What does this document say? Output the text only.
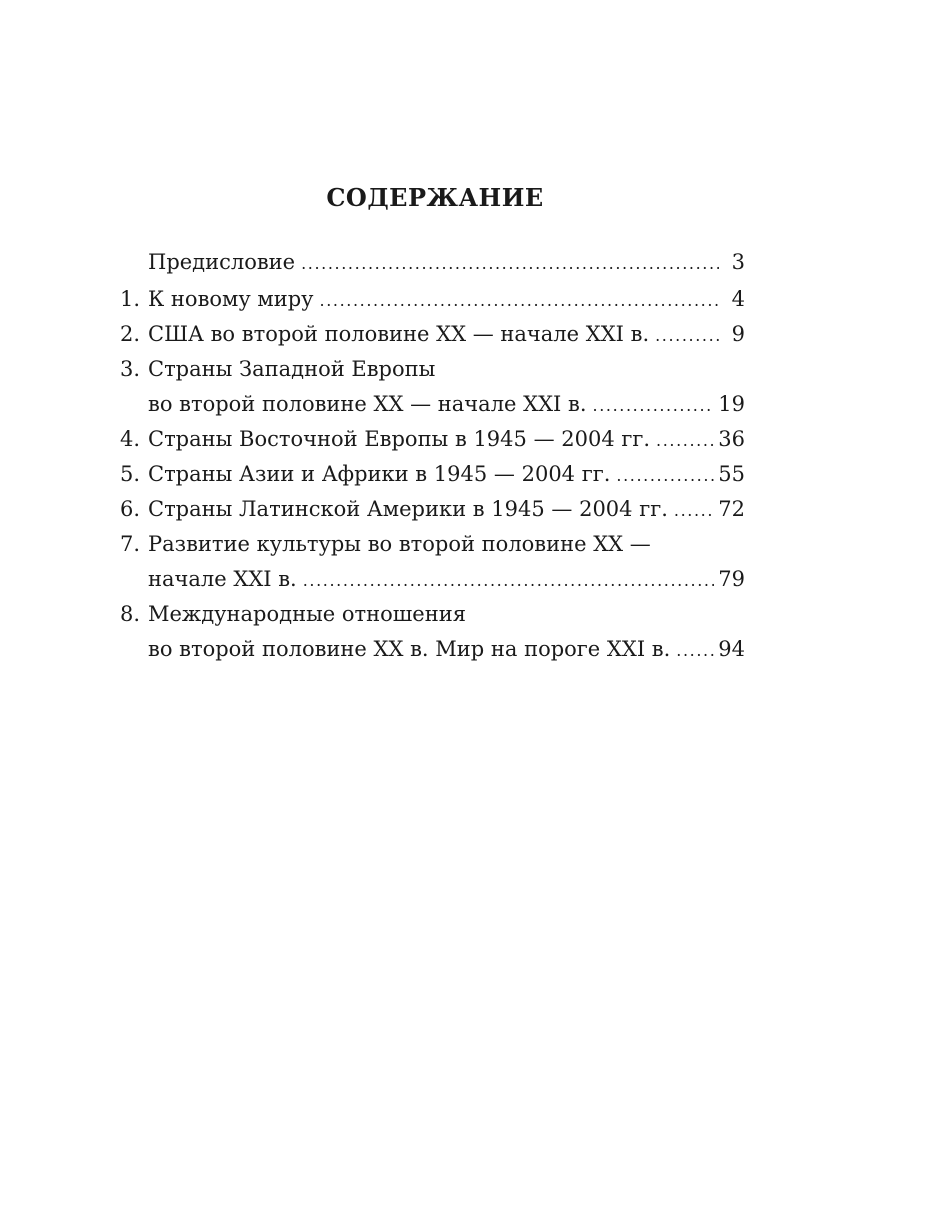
СОДЕРЖАНИЕ
Предисловие .....	3
1. К новому миру .....	4
2. США во второй половине XX — начале XXI в. .....	9
3. Страны Западной Европы
во второй половине XX — начале XXI в. .....	19
4. Страны Восточной Европы в 1945 — 2004 гг. .....	36
5. Страны Азии и Африки в 1945 — 2004 гг. .....	55
6. Страны Латинской Америки в 1945 — 2004 гг. ..... 72
7. Развитие культуры во второй половине XX —
начале XXI в. .....	79
8. Международные отношения
во второй половине XX в. Мир на пороге XXI в. ..... 94
